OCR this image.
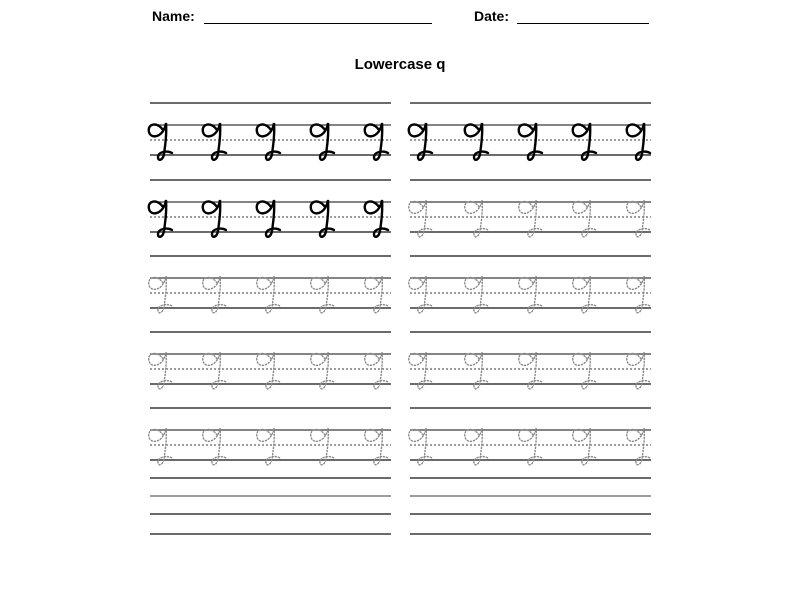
Name:	Date:
Lowercase q
